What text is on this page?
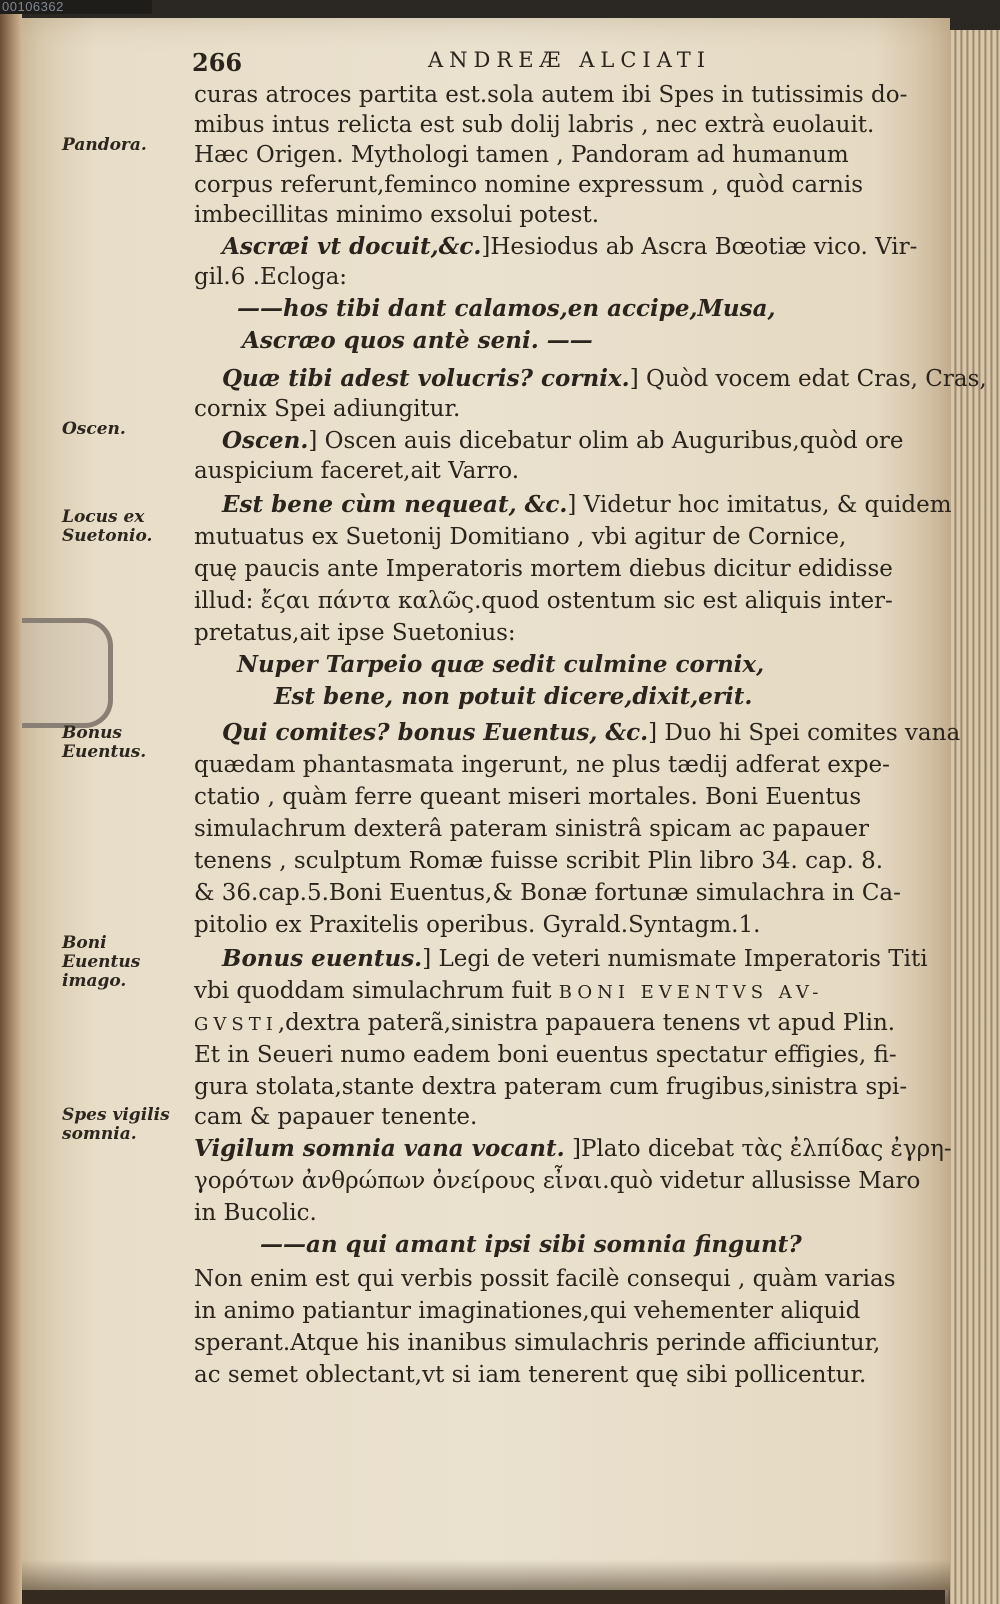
00106362
266	ANDREÆ ALCIATI
Pandora.
Oscen.
Locus ex Suetonio.
Bonus Euentus.
Boni Euentus imago.
Spes vigilis somnia.
curas atroces partita est.sola autem ibi Spes in tutissimis do-
mibus intus relicta est sub dolij labris , nec extrà euolauit.
Hæc Origen. Mythologi tamen , Pandoram ad humanum
corpus referunt,feminco nomine expressum , quòd carnis
imbecillitas minimo exsolui potest.
Ascræi vt docuit,&c.]Hesiodus ab Ascra Bœotiæ vico. Vir-
gil.6 .Ecloga:
——hos tibi dant calamos,en accipe,Musa,
Ascræo quos antè seni. ——
Quæ tibi adest volucris? cornix.] Quòd vocem edat Cras, Cras,
cornix Spei adiungitur.
Oscen.] Oscen auis dicebatur olim ab Auguribus,quòd ore
auspicium faceret,ait Varro.
Est bene cùm nequeat, &c.] Videtur hoc imitatus, & quidem
mutuatus ex Suetonij Domitiano , vbi agitur de Cornice,
quę paucis ante Imperatoris mortem diebus dicitur edidisse
illud: ἔϛαι πάντα καλῶς.quod ostentum sic est aliquis inter-
pretatus,ait ipse Suetonius:
Nuper Tarpeio quæ sedit culmine cornix,
Est bene, non potuit dicere,dixit,erit.
Qui comites? bonus Euentus, &c.] Duo hi Spei comites vana
quædam phantasmata ingerunt, ne plus tædij adferat expe-
ctatio , quàm ferre queant miseri mortales. Boni Euentus
simulachrum dexterâ pateram sinistrâ spicam ac papauer
tenens , sculptum Romæ fuisse scribit Plin libro 34. cap. 8.
& 36.cap.5.Boni Euentus,& Bonæ fortunæ simulachra in Ca-
pitolio ex Praxitelis operibus. Gyrald.Syntagm.1.
Bonus euentus.] Legi de veteri numismate Imperatoris Titi
vbi quoddam simulachrum fuit BONI EVENTVS AV-
GVSTI,dextra paterã,sinistra papauera tenens vt apud Plin.
Et in Seueri numo eadem boni euentus spectatur effigies, fi-
gura stolata,stante dextra pateram cum frugibus,sinistra spi-
cam & papauer tenente.
Vigilum somnia vana vocant. ]Plato dicebat τὰς ἐλπίδας ἐγρη-
γορότων ἀνθρώπων ὀνείρους εἶναι.quò videtur allusisse Maro
in Bucolic.
——an qui amant ipsi sibi somnia fingunt?
Non enim est qui verbis possit facilè consequi , quàm varias
in animo patiantur imaginationes,qui vehementer aliquid
sperant.Atque his inanibus simulachris perinde afficiuntur,
ac semet oblectant,vt si iam tenerent quę sibi pollicentur.
